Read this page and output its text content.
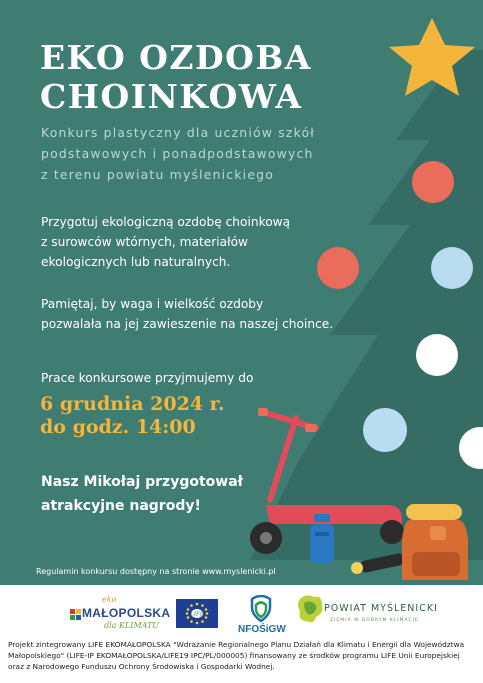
EKO OZDOBA
CHOINKOWA
Konkurs plastyczny dla uczniów szkół
podstawowych i ponadpodstawowych
z terenu powiatu myślenickiego
Przygotuj ekologiczną ozdobę choinkową
z surowców wtórnych, materiałów
ekologicznych lub naturalnych.
Pamiętaj, by waga i wielkość ozdoby
pozwalała na jej zawieszenie na naszej choince.
Prace konkursowe przyjmujemy do
6 grudnia 2024 r.
do godz. 14:00
Nasz Mikołaj przygotował
atrakcyjne nagrody!
Regulamin konkursu dostępny na stronie www.myslenicki.pl
eko
MAŁOPOLSKA
dla KLIMATU
LIFE
NFOŚiGW
POWIAT MYŚLENICKI
ZIEMIA W DOBRYM KLIMACIE
Projekt zintegrowany LIFE EKOMAŁOPOLSKA "Wdrażanie Regionalnego Planu Działań dla Klimatu i Energii dla Województwa
Małopolskiego" (LIFE-IP EKOMAŁOPOLSKA/LIFE19 IPC/PL/000005) finansowany ze środków programu LIFE Unii Europejskiej
oraz z Narodowego Funduszu Ochrony Środowiska i Gospodarki Wodnej.
